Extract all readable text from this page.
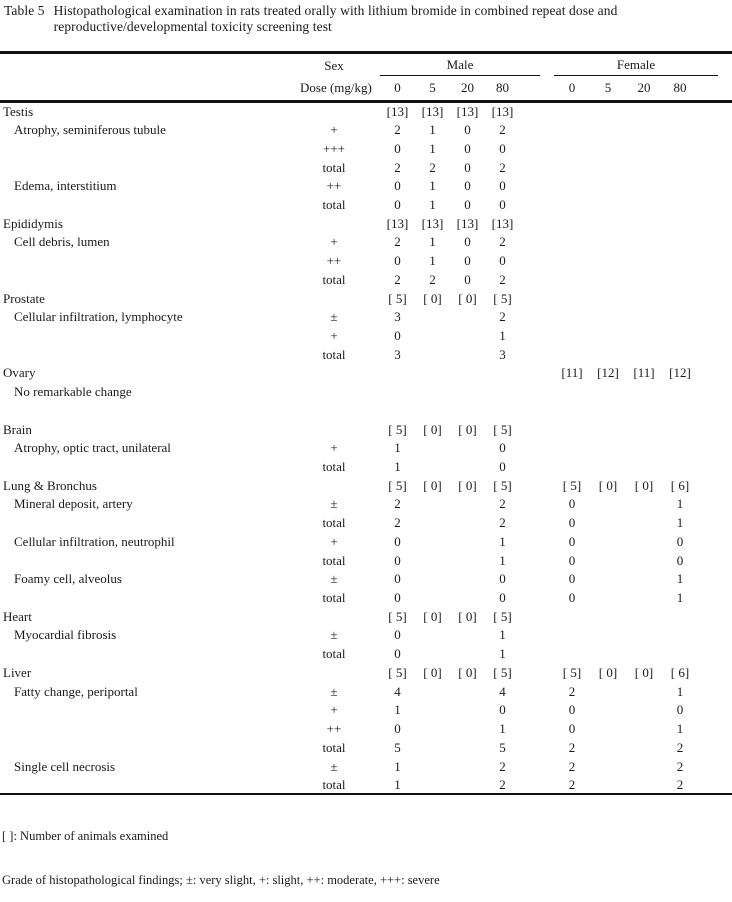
Table 5 Histopathological examination in rats treated orally with lithium bromide in combined repeat dose and
reproductive/developmental toxicity screening test
	Sex		Male						Female					
	Dose (mg/kg)		0	5	20	80			0	5	20	80		
Testis			[13]	[13]	[13]	[13]								
Atrophy, seminiferous tubule	+		2	1	0	2								
	+++		0	1	0	0								
	total		2	2	0	2								
Edema, interstitium	++		0	1	0	0								
	total		0	1	0	0								
Epididymis			[13]	[13]	[13]	[13]								
Cell debris, lumen	+		2	1	0	2								
	++		0	1	0	0								
	total		2	2	0	2								
Prostate			[ 5]	[ 0]	[ 0]	[ 5]								
Cellular infiltration, lymphocyte	±		3			2								
	+		0			1								
	total		3			3								
Ovary									[11]	[12]	[11]	[12]		
No remarkable change														

Brain			[ 5]	[ 0]	[ 0]	[ 5]								
Atrophy, optic tract, unilateral	+		1			0								
	total		1			0								
Lung & Bronchus			[ 5]	[ 0]	[ 0]	[ 5]			[ 5]	[ 0]	[ 0]	[ 6]		
Mineral deposit, artery	±		2			2			0			1		
	total		2			2			0			1		
Cellular infiltration, neutrophil	+		0			1			0			0		
	total		0			1			0			0		
Foamy cell, alveolus	±		0			0			0			1		
	total		0			0			0			1		
Heart			[ 5]	[ 0]	[ 0]	[ 5]								
Myocardial fibrosis	±		0			1								
	total		0			1								
Liver			[ 5]	[ 0]	[ 0]	[ 5]			[ 5]	[ 0]	[ 0]	[ 6]		
Fatty change, periportal	±		4			4			2			1		
	+		1			0			0			0		
	++		0			1			0			1		
	total		5			5			2			2		
Single cell necrosis	±		1			2			2			2		
	total		1			2			2			2		

[ ]: Number of animals examined

Grade of histopathological findings; ±: very slight, +: slight, ++: moderate, +++: severe
